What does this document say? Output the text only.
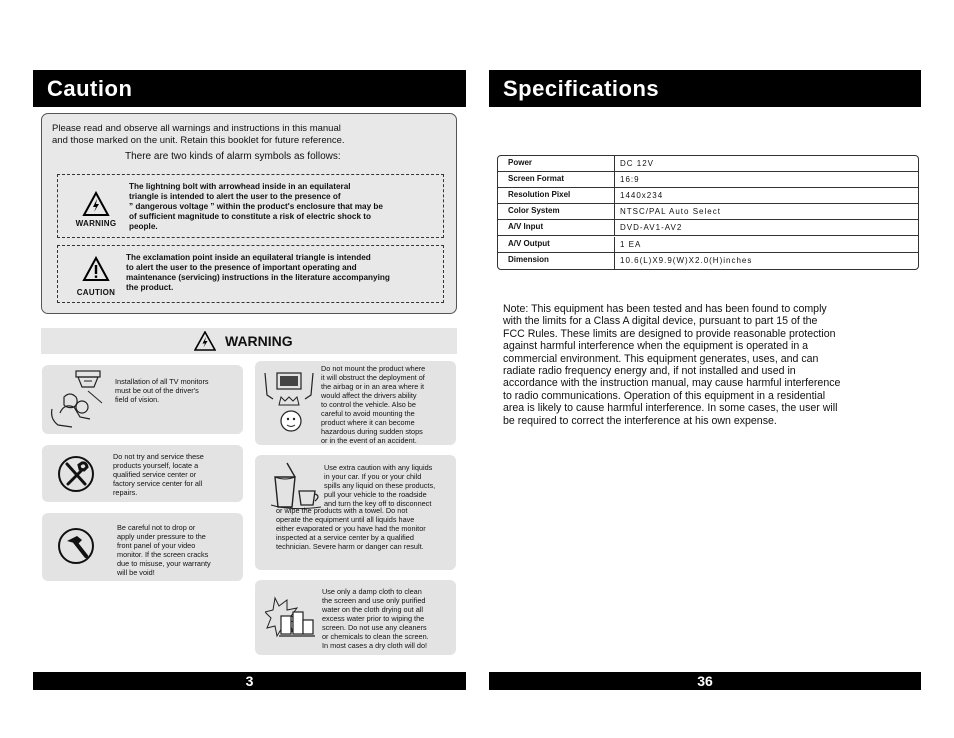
Caution
Please read and observe all warnings and instructions in this manual
and those marked on the unit. Retain this booklet for future reference.
There are two kinds of alarm symbols as follows:
WARNING
The lightning bolt with arrowhead inside in an equilateral
triangle is intended to alert the user to the presence of
” dangerous voltage ” within the product's enclosure that may be
of sufficient magnitude to constitute a risk of electric shock to
people.
CAUTION
The exclamation point inside an equilateral triangle is intended
to alert the user to the presence of important operating and
maintenance (servicing) instructions in the literature accompanying
the product.
WARNING
Installation of all TV monitors
must be out of the driver's
field of vision.
Do not try and service these
products yourself, locate a
qualified service center or
factory service center for all
repairs.
Be careful not to drop or
apply under pressure to the
front panel of your video
monitor. If the screen cracks
due to misuse, your warranty
will be void!
Do not mount the product where
it will obstruct the deployment of
the airbag or in an area where it
would affect the drivers ability
to control the vehicle. Also be
careful to avoid mounting the
product where it can become
hazardous during sudden stops
or in the event of an accident.
Use extra caution with any liquids
in your car. If you or your child
spills any liquid on these products,
pull your vehicle to the roadside
and turn the key off to disconnect
or wipe the products with a towel. Do not
operate the equipment until all liquids have
either evaporated or you have had the monitor
inspected at a service center by a qualified
technician. Severe harm or danger can result.
Use only a damp cloth to clean
the screen and use only purified
water on the cloth drying out all
excess water prior to wiping the
screen. Do not use any cleaners
or chemicals to clean the screen.
In most cases a dry cloth will do!
3
Specifications
Power	DC 12V
Screen Format	16:9
Resolution Pixel	1440x234
Color System	NTSC/PAL Auto Select
A/V Input	DVD-AV1-AV2
A/V Output	1 EA
Dimension	10.6(L)X9.9(W)X2.0(H)inches
Note: This equipment has been tested and has been found to comply
with the limits for a Class A digital device, pursuant to part 15 of the
FCC Rules. These limits are designed to provide reasonable protection
against harmful interference when the equipment is operated in a
commercial environment. This equipment generates, uses, and can
radiate radio frequency energy and, if not installed and used in
accordance with the instruction manual, may cause harmful interference
to radio communications. Operation of this equipment in a residential
area is likely to cause harmful interference. In some cases, the user will
be required to correct the interference at his own expense.
36
